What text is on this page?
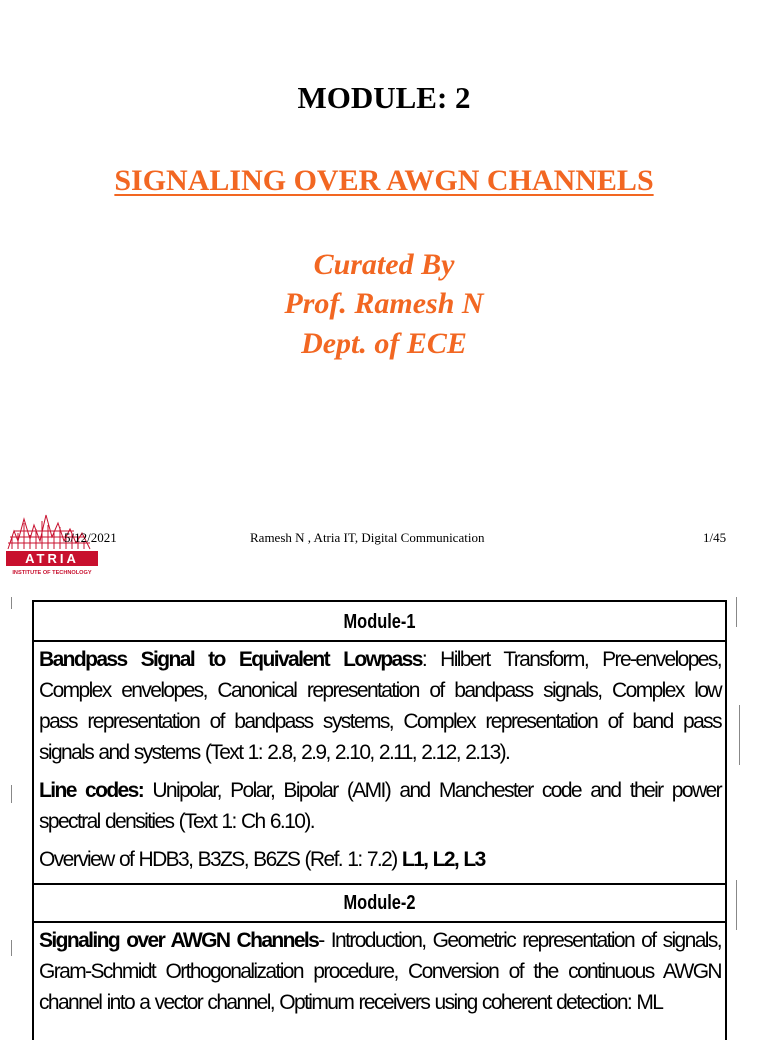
MODULE: 2
SIGNALING OVER AWGN CHANNELS
Curated By
Prof. Ramesh N
Dept. of ECE
ATRIA
INSTITUTE OF TECHNOLOGY
5/12/2021	Ramesh N , Atria IT, Digital Communication	1/45
Module-1
Bandpass Signal to Equivalent Lowpass: Hilbert Transform, Pre-envelopes, Complex envelopes, Canonical representation of bandpass signals, Complex low pass representation of bandpass systems, Complex representation of band pass signals and systems (Text 1: 2.8, 2.9, 2.10, 2.11, 2.12, 2.13).
Line codes: Unipolar, Polar, Bipolar (AMI) and Manchester code and their power spectral densities (Text 1: Ch 6.10).
Overview of HDB3, B3ZS, B6ZS (Ref. 1: 7.2) L1, L2, L3
Module-2
Signaling over AWGN Channels- Introduction, Geometric representation of signals, Gram-Schmidt Orthogonalization procedure, Conversion of the continuous AWGN channel into a vector channel, Optimum receivers using coherent detection: ML
